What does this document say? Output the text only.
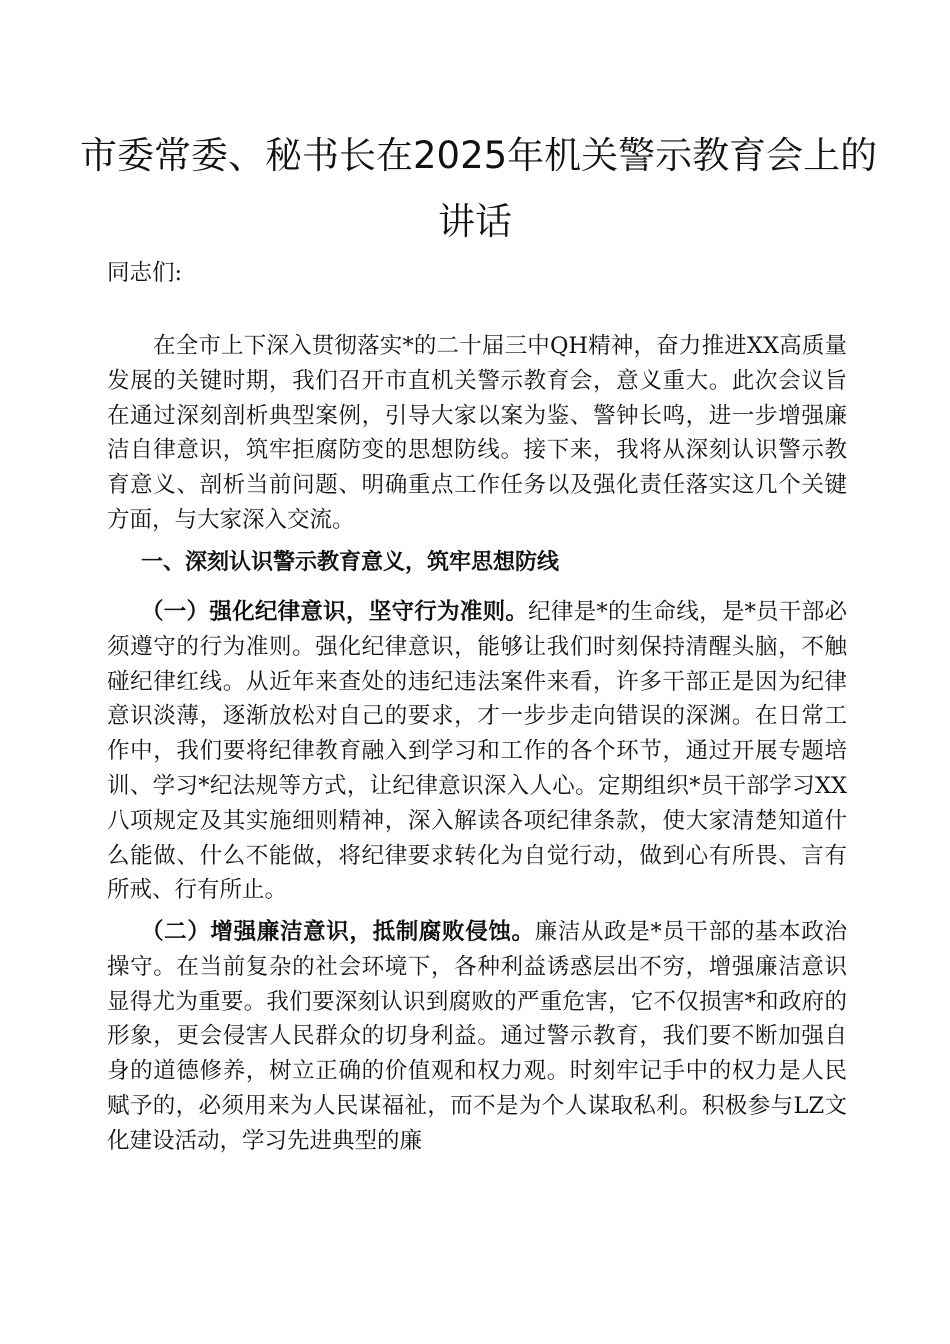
市委常委、秘书长在2025年机关警示教育会上的
讲话
同志们:
在全市上下深入贯彻落实*的二十届三中QH精神，奋力推进XX高质量发展的关键时期，我们召开市直机关警示教育会，意义重大。此次会议旨在通过深刻剖析典型案例，引导大家以案为鉴、警钟长鸣，进一步增强廉洁自律意识，筑牢拒腐防变的思想防线。接下来，我将从深刻认识警示教育意义、剖析当前问题、明确重点工作任务以及强化责任落实这几个关键方面，与大家深入交流。
一、深刻认识警示教育意义，筑牢思想防线
（一）强化纪律意识，坚守行为准则。纪律是*的生命线，是*员干部必须遵守的行为准则。强化纪律意识，能够让我们时刻保持清醒头脑，不触碰纪律红线。从近年来查处的违纪违法案件来看，许多干部正是因为纪律意识淡薄，逐渐放松对自己的要求，才一步步走向错误的深渊。在日常工作中，我们要将纪律教育融入到学习和工作的各个环节，通过开展专题培训、学习*纪法规等方式，让纪律意识深入人心。定期组织*员干部学习XX八项规定及其实施细则精神，深入解读各项纪律条款，使大家清楚知道什么能做、什么不能做，将纪律要求转化为自觉行动，做到心有所畏、言有所戒、行有所止。
（二）增强廉洁意识，抵制腐败侵蚀。廉洁从政是*员干部的基本政治操守。在当前复杂的社会环境下，各种利益诱惑层出不穷，增强廉洁意识显得尤为重要。我们要深刻认识到腐败的严重危害，它不仅损害*和政府的形象，更会侵害人民群众的切身利益。通过警示教育，我们要不断加强自身的道德修养，树立正确的价值观和权力观。时刻牢记手中的权力是人民赋予的，必须用来为人民谋福祉，而不是为个人谋取私利。积极参与LZ文化建设活动，学习先进典型的廉
